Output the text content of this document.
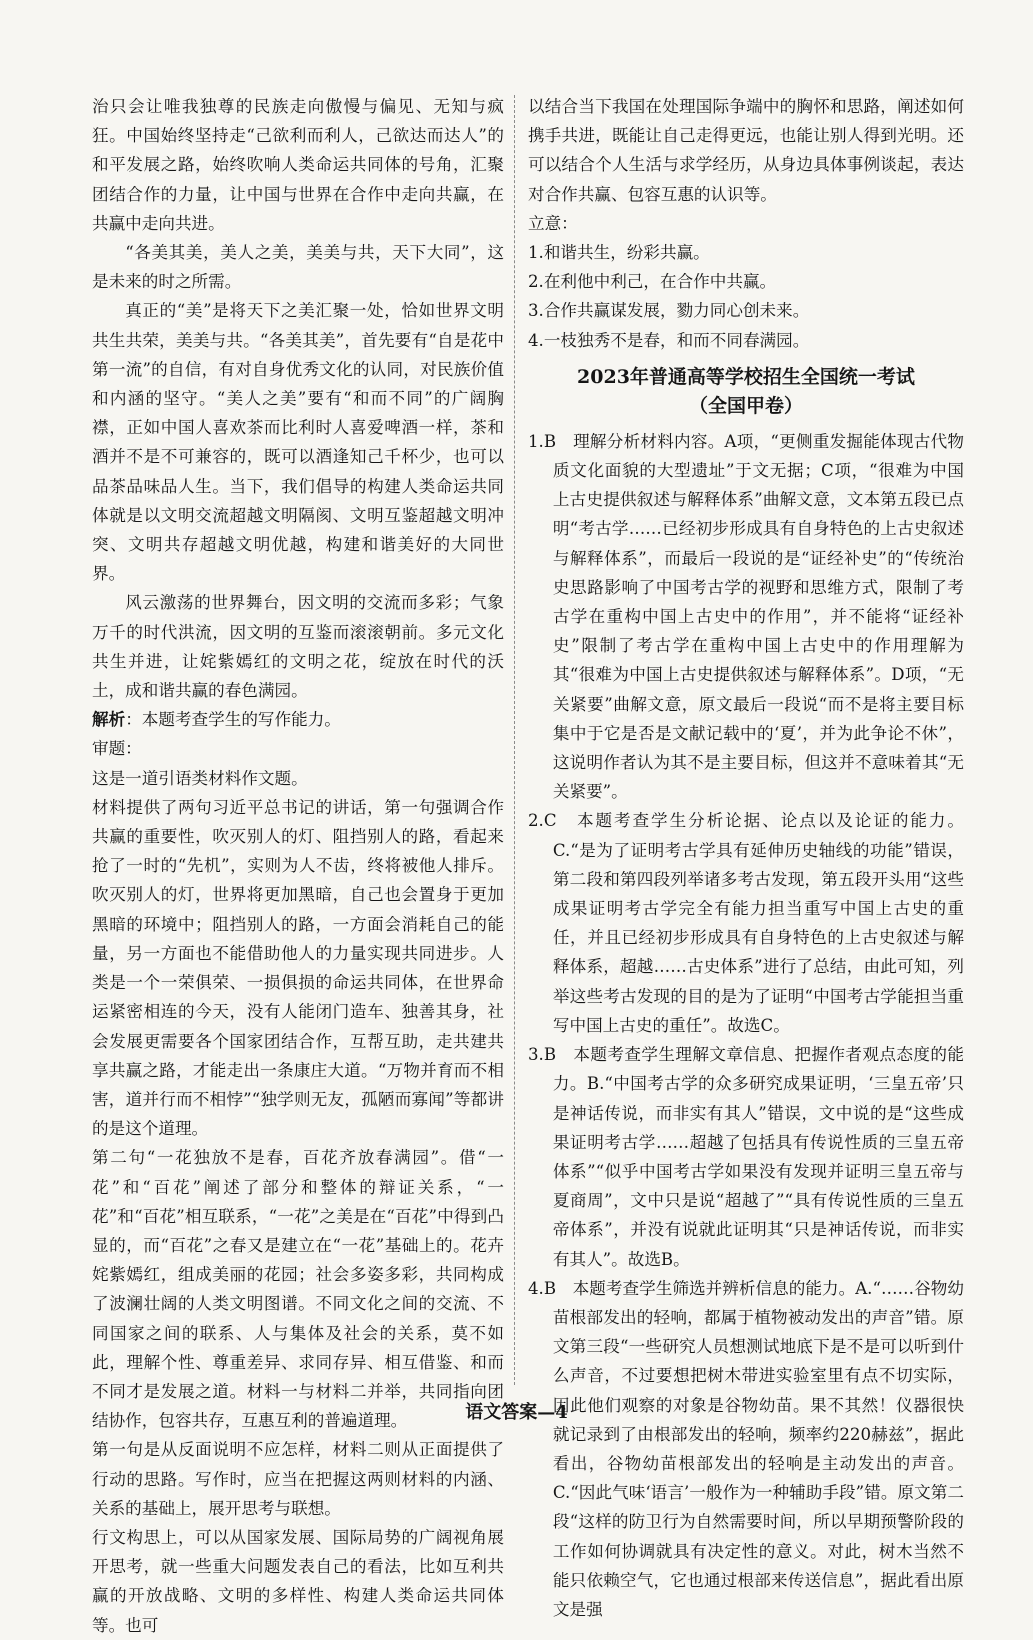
治只会让唯我独尊的民族走向傲慢与偏见、无知与疯狂。中国始终坚持走“己欲利而利人，己欲达而达人”的和平发展之路，始终吹响人类命运共同体的号角，汇聚团结合作的力量，让中国与世界在合作中走向共赢，在共赢中走向共进。

“各美其美，美人之美，美美与共，天下大同”，这是未来的时之所需。

真正的“美”是将天下之美汇聚一处，恰如世界文明共生共荣，美美与共。“各美其美”，首先要有“自是花中第一流”的自信，有对自身优秀文化的认同，对民族价值和内涵的坚守。“美人之美”要有“和而不同”的广阔胸襟，正如中国人喜欢茶而比利时人喜爱啤酒一样，茶和酒并不是不可兼容的，既可以酒逢知己千杯少，也可以品茶品味品人生。当下，我们倡导的构建人类命运共同体就是以文明交流超越文明隔阂、文明互鉴超越文明冲突、文明共存超越文明优越，构建和谐美好的大同世界。

风云激荡的世界舞台，因文明的交流而多彩；气象万千的时代洪流，因文明的互鉴而滚滚朝前。多元文化共生并进，让姹紫嫣红的文明之花，绽放在时代的沃土，成和谐共赢的春色满园。

解析：本题考查学生的写作能力。

审题：

这是一道引语类材料作文题。

材料提供了两句习近平总书记的讲话，第一句强调合作共赢的重要性，吹灭别人的灯、阻挡别人的路，看起来抢了一时的“先机”，实则为人不齿，终将被他人排斥。吹灭别人的灯，世界将更加黑暗，自己也会置身于更加黑暗的环境中；阻挡别人的路，一方面会消耗自己的能量，另一方面也不能借助他人的力量实现共同进步。人类是一个一荣俱荣、一损俱损的命运共同体，在世界命运紧密相连的今天，没有人能闭门造车、独善其身，社会发展更需要各个国家团结合作，互帮互助，走共建共享共赢之路，才能走出一条康庄大道。“万物并育而不相害，道并行而不相悖”“独学则无友，孤陋而寡闻”等都讲的是这个道理。

第二句“一花独放不是春，百花齐放春满园”。借“一花”和“百花”阐述了部分和整体的辩证关系，“一花”和“百花”相互联系，“一花”之美是在“百花”中得到凸显的，而“百花”之春又是建立在“一花”基础上的。花卉姹紫嫣红，组成美丽的花园；社会多姿多彩，共同构成了波澜壮阔的人类文明图谱。不同文化之间的交流、不同国家之间的联系、人与集体及社会的关系，莫不如此，理解个性、尊重差异、求同存异、相互借鉴、和而不同才是发展之道。材料一与材料二并举，共同指向团结协作，包容共存，互惠互利的普遍道理。

第一句是从反面说明不应怎样，材料二则从正面提供了行动的思路。写作时，应当在把握这两则材料的内涵、关系的基础上，展开思考与联想。

行文构思上，可以从国家发展、国际局势的广阔视角展开思考，就一些重大问题发表自己的看法，比如互利共赢的开放战略、文明的多样性、构建人类命运共同体等。也可

以结合当下我国在处理国际争端中的胸怀和思路，阐述如何携手共进，既能让自己走得更远，也能让别人得到光明。还可以结合个人生活与求学经历，从身边具体事例谈起，表达对合作共赢、包容互惠的认识等。

立意：

1.和谐共生，纷彩共赢。

2.在利他中利己，在合作中共赢。

3.合作共赢谋发展，勠力同心创未来。

4.一枝独秀不是春，和而不同春满园。

2023年普通高等学校招生全国统一考试
（全国甲卷）

1.B　理解分析材料内容。A项，“更侧重发掘能体现古代物质文化面貌的大型遗址”于文无据；C项，“很难为中国上古史提供叙述与解释体系”曲解文意，文本第五段已点明“考古学……已经初步形成具有自身特色的上古史叙述与解释体系”，而最后一段说的是“证经补史”的“传统治史思路影响了中国考古学的视野和思维方式，限制了考古学在重构中国上古史中的作用”，并不能将“证经补史”限制了考古学在重构中国上古史中的作用理解为其“很难为中国上古史提供叙述与解释体系”。D项，“无关紧要”曲解文意，原文最后一段说“而不是将主要目标集中于它是否是文献记载中的‘夏’，并为此争论不休”，这说明作者认为其不是主要目标，但这并不意味着其“无关紧要”。

2.C　本题考查学生分析论据、论点以及论证的能力。C.“是为了证明考古学具有延伸历史轴线的功能”错误，第二段和第四段列举诸多考古发现，第五段开头用“这些成果证明考古学完全有能力担当重写中国上古史的重任，并且已经初步形成具有自身特色的上古史叙述与解释体系，超越……古史体系”进行了总结，由此可知，列举这些考古发现的目的是为了证明“中国考古学能担当重写中国上古史的重任”。故选C。

3.B　本题考查学生理解文章信息、把握作者观点态度的能力。B.“中国考古学的众多研究成果证明，‘三皇五帝’只是神话传说，而非实有其人”错误，文中说的是“这些成果证明考古学……超越了包括具有传说性质的三皇五帝体系”“似乎中国考古学如果没有发现并证明三皇五帝与夏商周”，文中只是说“超越了”“具有传说性质的三皇五帝体系”，并没有说就此证明其“只是神话传说，而非实有其人”。故选B。

4.B　本题考查学生筛选并辨析信息的能力。A.“……谷物幼苗根部发出的轻响，都属于植物被动发出的声音”错。原文第三段“一些研究人员想测试地底下是不是可以听到什么声音，不过要想把树木带进实验室里有点不切实际，因此他们观察的对象是谷物幼苗。果不其然！仪器很快就记录到了由根部发出的轻响，频率约220赫兹”，据此看出，谷物幼苗根部发出的轻响是主动发出的声音。C.“因此气味‘语言’一般作为一种辅助手段”错。原文第二段“这样的防卫行为自然需要时间，所以早期预警阶段的工作如何协调就具有决定性的意义。对此，树木当然不能只依赖空气，它也通过根部来传送信息”，据此看出原文是强

语文答案—4
